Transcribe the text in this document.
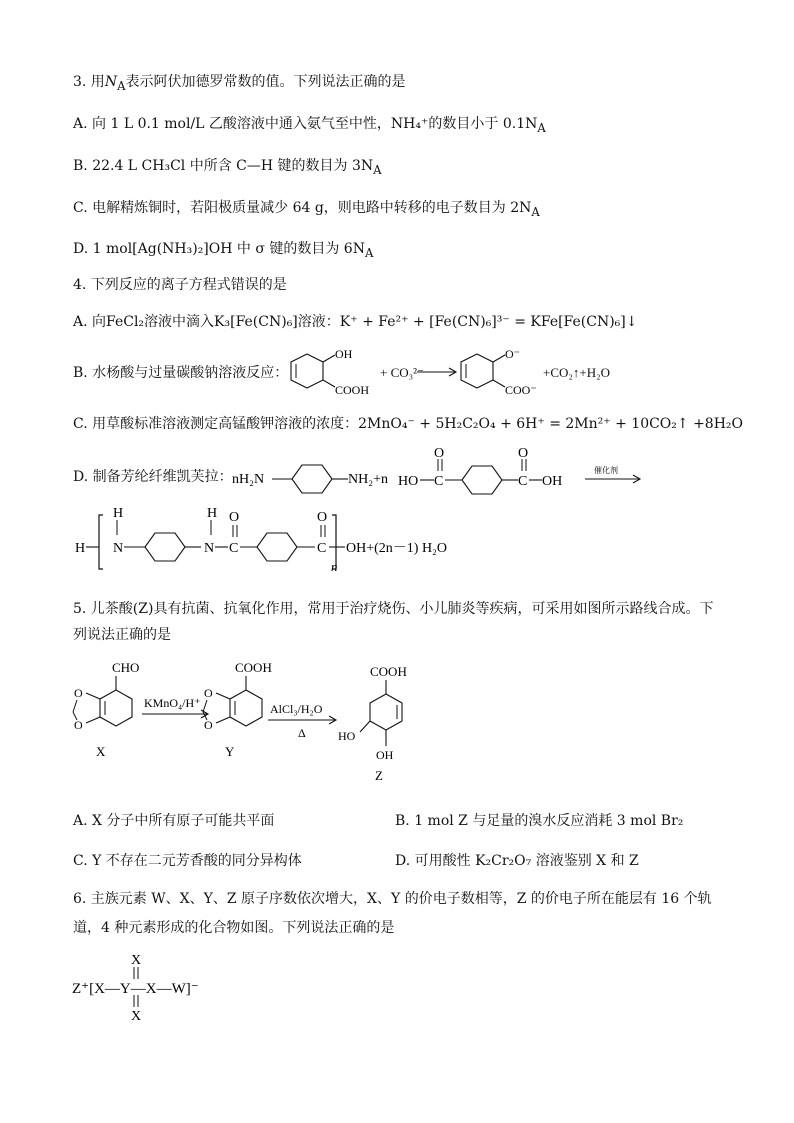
3. 用$N_A$表示阿伏加德罗常数的值。下列说法正确的是
A. 向 1 L 0.1 mol/L 乙酸溶液中通入氨气至中性，NH₄⁺的数目小于 $0.1N_A$
B. 22.4 L CH₃Cl 中所含 C—H 键的数目为 $3N_A$
C. 电解精炼铜时，若阳极质量减少 64 g，则电路中转移的电子数目为 $2N_A$
D. 1 mol[Ag(NH₃)₂]OH 中 σ 键的数目为 $6N_A$
4. 下列反应的离子方程式错误的是
A. 向FeCl₂溶液中滴入K₃[Fe(CN)₆]溶液：K⁺ + Fe²⁺ + [Fe(CN)₆]³⁻ = KFe[Fe(CN)₆]↓
B. 水杨酸与过量碳酸钠溶液反应：
OH
COOH
+ CO₃²⁻
O⁻
COO⁻
+CO₂↑+H₂O
C. 用草酸标准溶液测定高锰酸钾溶液的浓度：2MnO₄⁻ + 5H₂C₂O₄ + 6H⁺ = 2Mn²⁺ + 10CO₂↑ +8H₂O
D. 制备芳纶纤维凯芙拉： nH₂N	NH₂+n HO C
O
C
O
OH
催化剂
H
H
N
H
N C
O
C
O
n
OH+(2n－1) H₂O
5. 儿茶酸(Z)具有抗菌、抗氧化作用，常用于治疗烧伤、小儿肺炎等疾病，可采用如图所示路线合成。下
列说法正确的是
CHO
O
O
X
KMnO₄/H⁺
COOH
O
O
Y
AlCl₃/H₂O
Δ
COOH
HO
OH
Z
A. X 分子中所有原子可能共平面	B. 1 mol Z 与足量的溴水反应消耗 3 mol Br₂
C. Y 不存在二元芳香酸的同分异构体	D. 可用酸性 K₂Cr₂O₇ 溶液鉴别 X 和 Z
6. 主族元素 W、X、Y、Z 原子序数依次增大，X、Y 的价电子数相等，Z 的价电子所在能层有 16 个轨
道，4 种元素形成的化合物如图。下列说法正确的是
X
Z⁺[X—Y—X—W]⁻
X
